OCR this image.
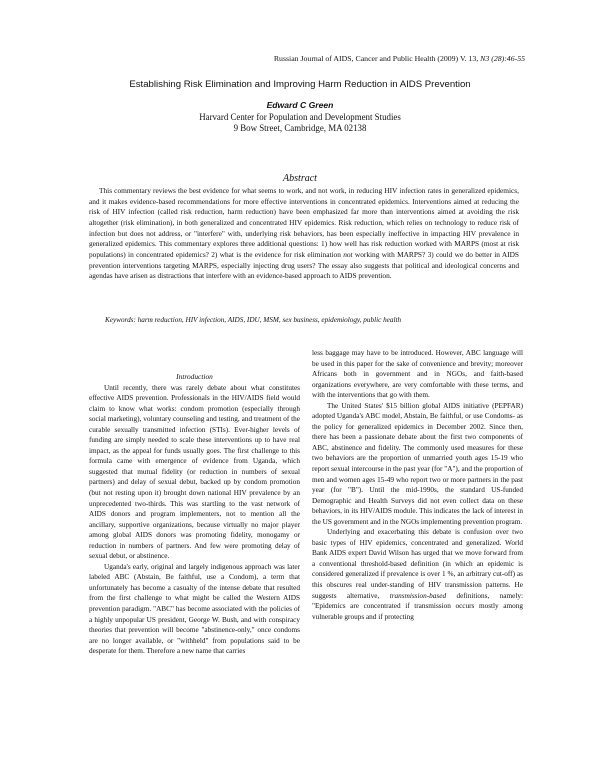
Russian Journal of AIDS, Cancer and Public Health (2009) V. 13, N3 (28):46-55
Establishing Risk Elimination and Improving Harm Reduction in AIDS Prevention
Edward C Green
Harvard Center for Population and Development Studies
9 Bow Street, Cambridge, MA 02138
Abstract

This commentary reviews the best evidence for what seems to work, and not work, in reducing HIV infection rates in generalized epidemics, and it makes evidence-based recommendations for more effective interventions in concentrated epidemics. Interventions aimed at reducing the risk of HIV infection (called risk reduction, harm reduction) have been emphasized far more than interventions aimed at avoiding the risk altogether (risk elimination), in both generalized and concentrated HIV epidemics. Risk reduction, which relies on technology to reduce risk of infection but does not address, or "interfere" with, underlying risk behaviors, has been especially ineffective in impacting HIV prevalence in generalized epidemics. This commentary explores three additional questions: 1) how well has risk reduction worked with MARPS (most at risk populations) in concentrated epidemics? 2) what is the evidence for risk elimination not working with MARPS? 3) could we do better in AIDS prevention interventions targeting MARPS, especially injecting drug users? The essay also suggests that political and ideological concerns and agendas have arisen as distractions that interfere with an evidence-based approach to AIDS prevention.

Keywords: harm reduction, HIV infection, AIDS, IDU, MSM, sex business, epidemiology, public health
Introduction

Until recently, there was rarely debate about what constitutes effective AIDS prevention. Professionals in the HIV/AIDS field would claim to know what works: condom promotion (especially through social marketing), voluntary counseling and testing, and treatment of the curable sexually transmitted infection (STIs). Ever-higher levels of funding are simply needed to scale these interventions up to have real impact, as the appeal for funds usually goes. The first challenge to this formula came with emergence of evidence from Uganda, which suggested that mutual fidelity (or reduction in numbers of sexual partners) and delay of sexual debut, backed up by condom promotion (but not resting upon it) brought down national HIV prevalence by an unprecedented two-thirds. This was startling to the vast network of AIDS donors and program implementers, not to mention all the ancillary, supportive organizations, because virtually no major player among global AIDS donors was promoting fidelity, monogamy or reduction in numbers of partners. And few were promoting delay of sexual debut, or abstinence.

Uganda's early, original and largely indigenous approach was later labeled ABC (Abstain, Be faithful, use a Condom), a term that unfortunately has become a casualty of the intense debate that resulted from the first challenge to what might be called the Western AIDS prevention paradigm. "ABC" has become associated with the policies of a highly unpopular US president, George W. Bush, and with conspiracy theories that prevention will become "abstinence-only," once condoms are no longer available, or "withheld" from populations said to be desperate for them. Therefore a new name that carries

less baggage may have to be introduced. However, ABC language will be used in this paper for the sake of convenience and brevity; moreover Africans both in government and in NGOs, and faith-based organizations everywhere, are very comfortable with these terms, and with the interventions that go with them.

The United States' $15 billion global AIDS initiative (PEPFAR) adopted Uganda's ABC model, Abstain, Be faithful, or use Condoms- as the policy for generalized epidemics in December 2002. Since then, there has been a passionate debate about the first two components of ABC, abstinence and fidelity. The commonly used measures for these two behaviors are the proportion of unmarried youth ages 15-19 who report sexual intercourse in the past year (for "A"), and the proportion of men and women ages 15-49 who report two or more partners in the past year (for "B"). Until the mid-1990s, the standard US-funded Demographic and Health Surveys did not even collect data on these behaviors, in its HIV/AIDS module. This indicates the lack of interest in the US government and in the NGOs implementing prevention program.

Underlying and exacerbating this debate is confusion over two basic types of HIV epidemics, concentrated and generalized. World Bank AIDS expert David Wilson has urged that we move forward from a conventional threshold-based definition (in which an epidemic is considered generalized if prevalence is over 1 %, an arbitrary cut-off) as this obscures real under-standing of HIV transmission patterns. He suggests alternative, transmission-based definitions, namely: "Epidemics are concentrated if transmission occurs mostly among vulnerable groups and if protecting
